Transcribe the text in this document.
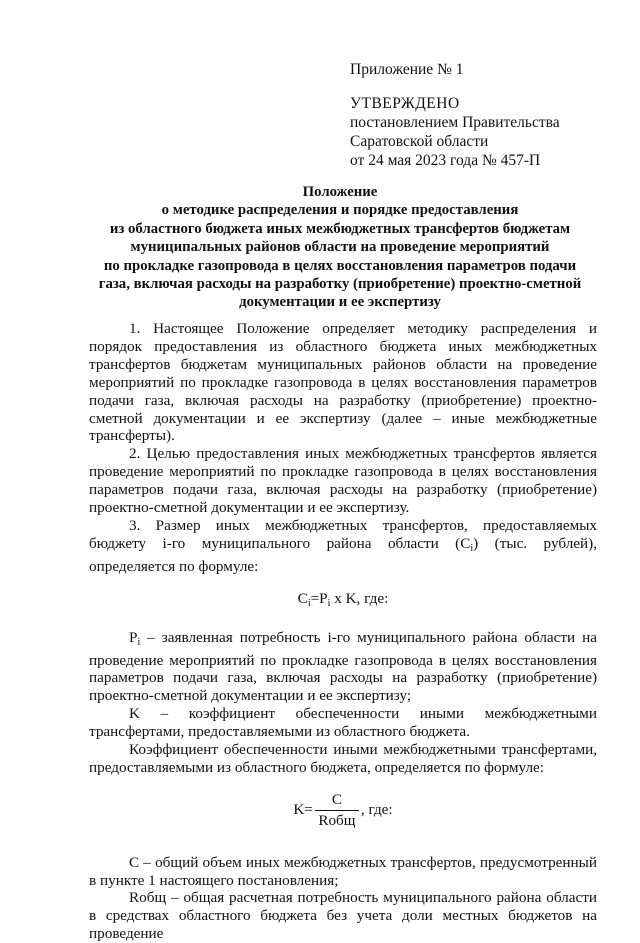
Приложение № 1
УТВЕРЖДЕНО
постановлением Правительства
Саратовской области
от 24 мая 2023 года № 457-П
Положение
о методике распределения и порядке предоставления
из областного бюджета иных межбюджетных трансфертов бюджетам
муниципальных районов области на проведение мероприятий
по прокладке газопровода в целях восстановления параметров подачи
газа, включая расходы на разработку (приобретение) проектно-сметной
документации и ее экспертизу

1. Настоящее Положение определяет методику распределения и порядок предоставления из областного бюджета иных межбюджетных трансфертов бюджетам муниципальных районов области на проведение мероприятий по прокладке газопровода в целях восстановления параметров подачи газа, включая расходы на разработку (приобретение) проектно-сметной документации и ее экспертизу (далее – иные межбюджетные трансферты).

2. Целью предоставления иных межбюджетных трансфертов является проведение мероприятий по прокладке газопровода в целях восстановления параметров подачи газа, включая расходы на разработку (приобретение) проектно-сметной документации и ее экспертизу.

3. Размер иных межбюджетных трансфертов, предоставляемых бюджету i-го муниципального района области $(C_i)$ (тыс. рублей), определяется по формуле:

$C_i=P_i$ x K, где:

$P_i$ – заявленная потребность i-го муниципального района области на проведение мероприятий по прокладке газопровода в целях восстановления параметров подачи газа, включая расходы на разработку (приобретение) проектно-сметной документации и ее экспертизу;

K – коэффициент обеспеченности иными межбюджетными трансфертами, предоставляемыми из областного бюджета.

Коэффициент обеспеченности иными межбюджетными трансфертами, предоставляемыми из областного бюджета, определяется по формуле:

$K= \frac{C}{\text{Rобщ}}$ , где:

C – общий объем иных межбюджетных трансфертов, предусмотренный в пункте 1 настоящего постановления;

Rобщ – общая расчетная потребность муниципального района области в средствах областного бюджета без учета доли местных бюджетов на проведение
